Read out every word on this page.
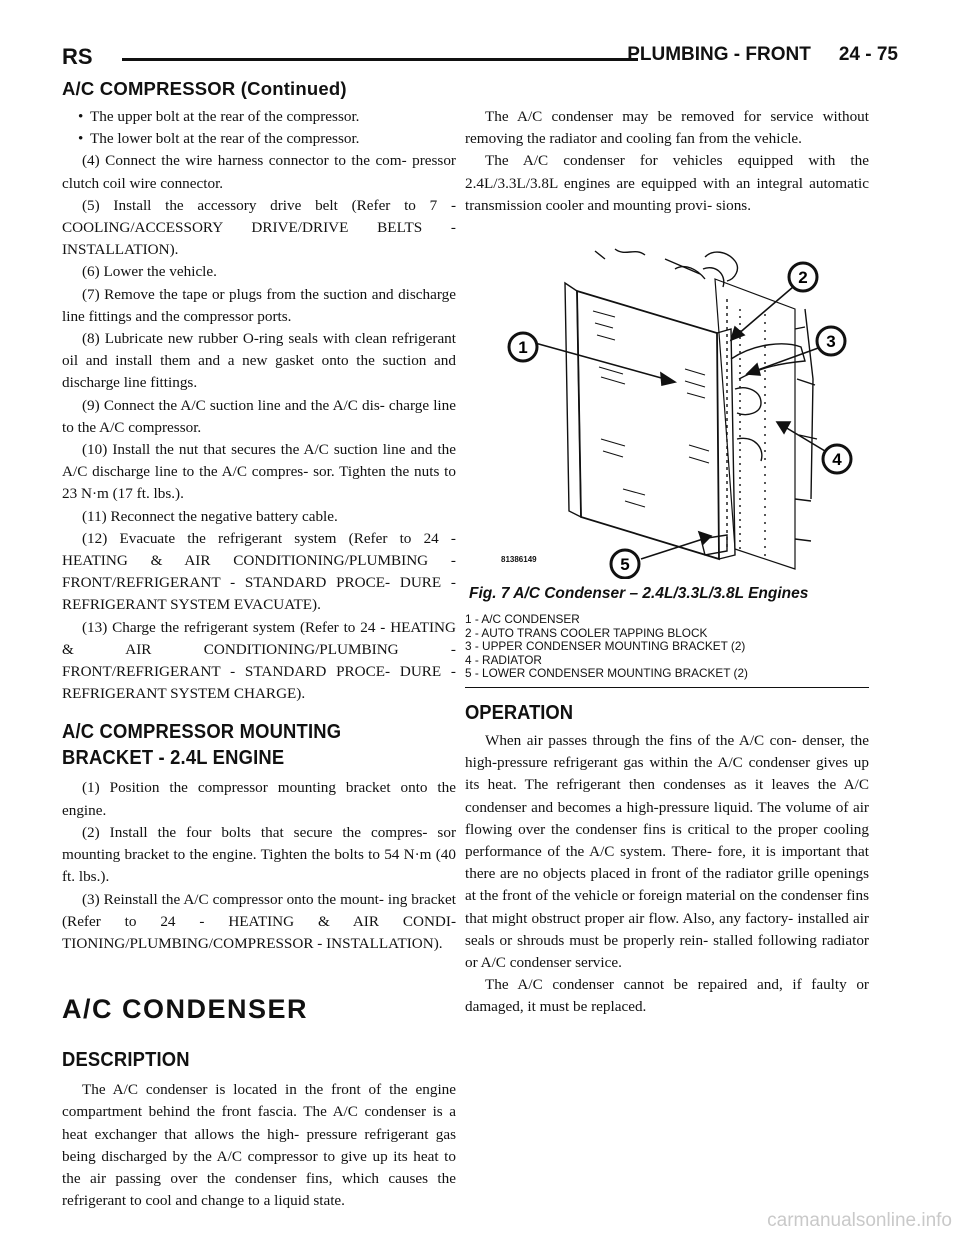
RS	PLUMBING - FRONT 24 - 75
A/C COMPRESSOR (Continued)
• The upper bolt at the rear of the compressor.
• The lower bolt at the rear of the compressor.

(4) Connect the wire harness connector to the com- pressor clutch coil wire connector.

(5) Install the accessory drive belt (Refer to 7 - COOLING/ACCESSORY DRIVE/DRIVE BELTS - INSTALLATION).

(6) Lower the vehicle.

(7) Remove the tape or plugs from the suction and discharge line fittings and the compressor ports.

(8) Lubricate new rubber O-ring seals with clean refrigerant oil and install them and a new gasket onto the suction and discharge line fittings.

(9) Connect the A/C suction line and the A/C dis- charge line to the A/C compressor.

(10) Install the nut that secures the A/C suction line and the A/C discharge line to the A/C compres- sor. Tighten the nuts to 23 N·m (17 ft. lbs.).

(11) Reconnect the negative battery cable.

(12) Evacuate the refrigerant system (Refer to 24 - HEATING & AIR CONDITIONING/PLUMBING - FRONT/REFRIGERANT - STANDARD PROCE- DURE - REFRIGERANT SYSTEM EVACUATE).

(13) Charge the refrigerant system (Refer to 24 - HEATING & AIR CONDITIONING/PLUMBING - FRONT/REFRIGERANT - STANDARD PROCE- DURE - REFRIGERANT SYSTEM CHARGE).

A/C COMPRESSOR MOUNTING BRACKET - 2.4L ENGINE

(1) Position the compressor mounting bracket onto the engine.

(2) Install the four bolts that secure the compres- sor mounting bracket to the engine. Tighten the bolts to 54 N·m (40 ft. lbs.).

(3) Reinstall the A/C compressor onto the mount- ing bracket (Refer to 24 - HEATING & AIR CONDI- TIONING/PLUMBING/COMPRESSOR - INSTALLATION).

A/C CONDENSER
DESCRIPTION

The A/C condenser is located in the front of the engine compartment behind the front fascia. The A/C condenser is a heat exchanger that allows the high- pressure refrigerant gas being discharged by the A/C compressor to give up its heat to the air passing over the condenser fins, which causes the refrigerant to cool and change to a liquid state.

The A/C condenser may be removed for service without removing the radiator and cooling fan from the vehicle.

The A/C condenser for vehicles equipped with the 2.4L/3.3L/3.8L engines are equipped with an integral automatic transmission cooler and mounting provi- sions.

1
2
3
4
5
81386149
Fig. 7 A/C Condenser – 2.4L/3.3L/3.8L Engines
1 - A/C CONDENSER
2 - AUTO TRANS COOLER TAPPING BLOCK
3 - UPPER CONDENSER MOUNTING BRACKET (2)
4 - RADIATOR
5 - LOWER CONDENSER MOUNTING BRACKET (2)
OPERATION

When air passes through the fins of the A/C con- denser, the high-pressure refrigerant gas within the A/C condenser gives up its heat. The refrigerant then condenses as it leaves the A/C condenser and becomes a high-pressure liquid. The volume of air flowing over the condenser fins is critical to the proper cooling performance of the A/C system. There- fore, it is important that there are no objects placed in front of the radiator grille openings at the front of the vehicle or foreign material on the condenser fins that might obstruct proper air flow. Also, any factory- installed air seals or shrouds must be properly rein- stalled following radiator or A/C condenser service.

The A/C condenser cannot be repaired and, if faulty or damaged, it must be replaced.

carmanualsonline.info
